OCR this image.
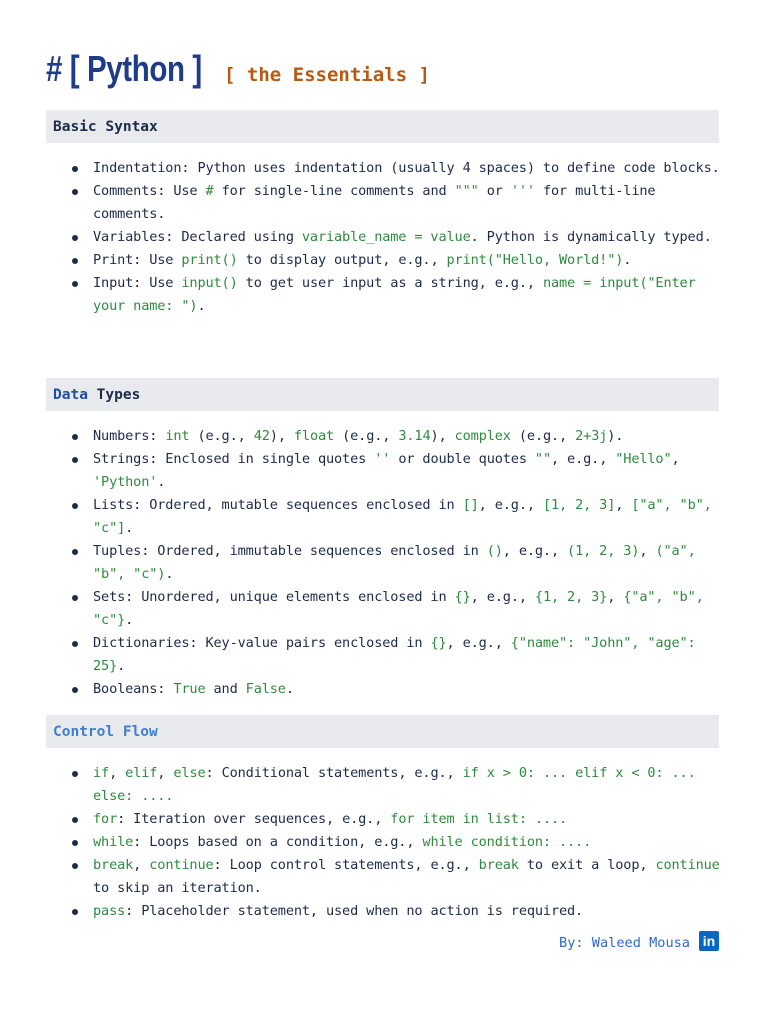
# [ Python ] [ the Essentials ]
Basic Syntax
Indentation: Python uses indentation (usually 4 spaces) to define code blocks.
Comments: Use # for single-line comments and """ or ''' for multi-line comments.
Variables: Declared using variable_name = value. Python is dynamically typed.
Print: Use print() to display output, e.g., print("Hello, World!").
Input: Use input() to get user input as a string, e.g., name = input("Enter your name: ").
Data Types
Numbers: int (e.g., 42), float (e.g., 3.14), complex (e.g., 2+3j).
Strings: Enclosed in single quotes '' or double quotes "", e.g., "Hello", 'Python'.
Lists: Ordered, mutable sequences enclosed in [], e.g., [1, 2, 3], ["a", "b", "c"].
Tuples: Ordered, immutable sequences enclosed in (), e.g., (1, 2, 3), ("a", "b", "c").
Sets: Unordered, unique elements enclosed in {}, e.g., {1, 2, 3}, {"a", "b", "c"}.
Dictionaries: Key-value pairs enclosed in {}, e.g., {"name": "John", "age": 25}.
Booleans: True and False.
Control Flow
if, elif, else: Conditional statements, e.g., if x > 0: ... elif x < 0: ... else: ....
for: Iteration over sequences, e.g., for item in list: ....
while: Loops based on a condition, e.g., while condition: ....
break, continue: Loop control statements, e.g., break to exit a loop, continue to skip an iteration.
pass: Placeholder statement, used when no action is required.
By: Waleed Mousa in
